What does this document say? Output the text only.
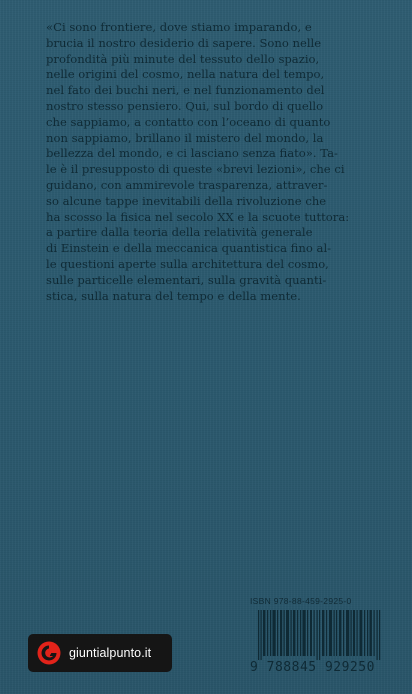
«Ci sono frontiere, dove stiamo imparando, e
brucia il nostro desiderio di sapere. Sono nelle
profondità più minute del tessuto dello spazio,
nelle origini del cosmo, nella natura del tempo,
nel fato dei buchi neri, e nel funzionamento del
nostro stesso pensiero. Qui, sul bordo di quello
che sappiamo, a contatto con l’oceano di quanto
non sappiamo, brillano il mistero del mondo, la
bellezza del mondo, e ci lasciano senza fiato». Ta-
le è il presupposto di queste «brevi lezioni», che ci
guidano, con ammirevole trasparenza, attraver-
so alcune tappe inevitabili della rivoluzione che
ha scosso la fisica nel secolo XX e la scuote tuttora:
a partire dalla teoria della relatività generale
di Einstein e della meccanica quantistica fino al-
le questioni aperte sulla architettura del cosmo,
sulle particelle elementari, sulla gravità quanti-
stica, sulla natura del tempo e della mente.
giuntialpunto.it
ISBN 978-88-459-2925-0
9 788845 929250
